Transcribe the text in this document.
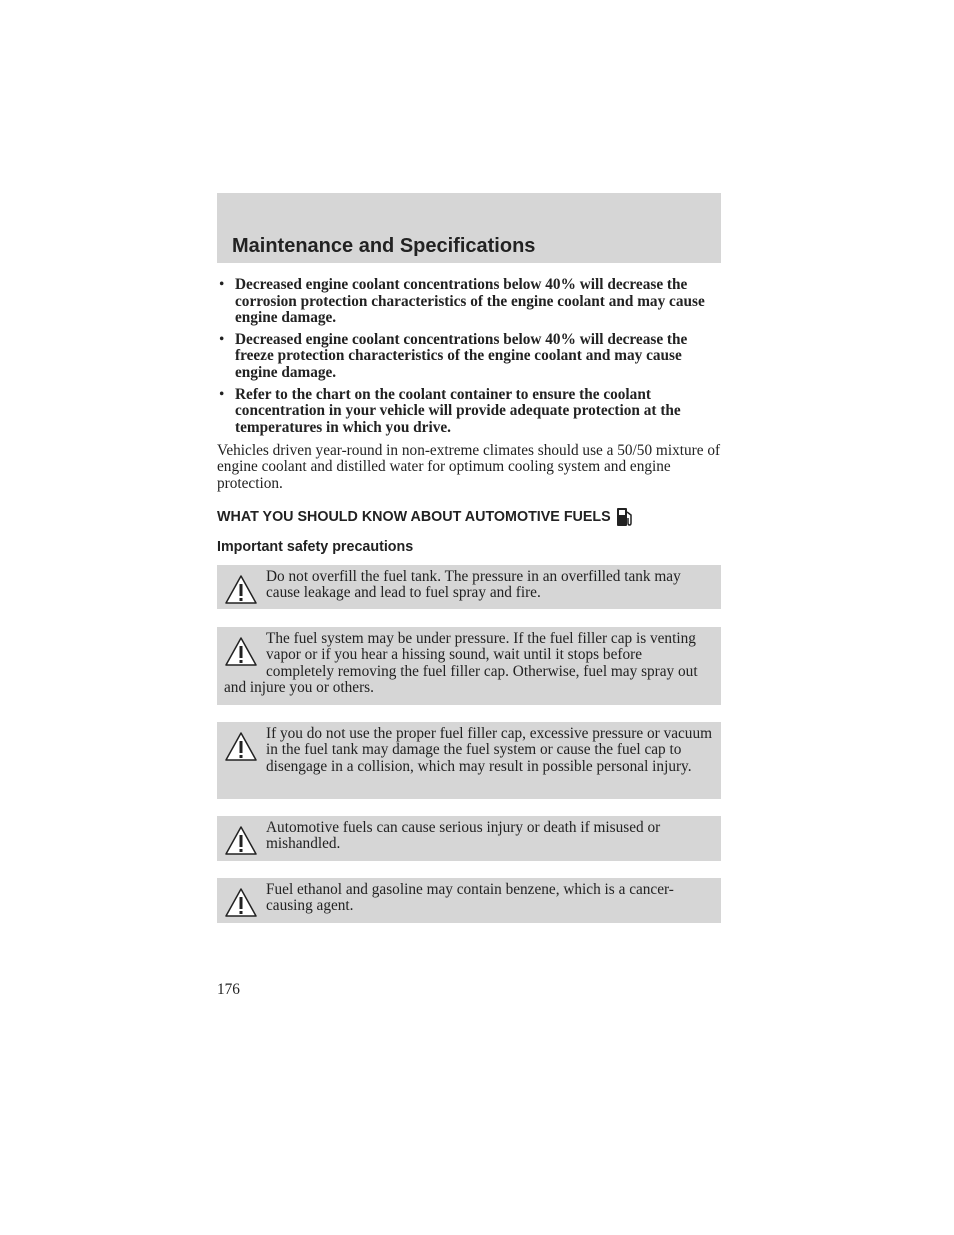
Maintenance and Specifications
• Decreased engine coolant concentrations below 40% will decrease the corrosion protection characteristics of the engine coolant and may cause engine damage.
• Decreased engine coolant concentrations below 40% will decrease the freeze protection characteristics of the engine coolant and may cause engine damage.
• Refer to the chart on the coolant container to ensure the coolant concentration in your vehicle will provide adequate protection at the temperatures in which you drive.

Vehicles driven year-round in non-extreme climates should use a 50/50 mixture of engine coolant and distilled water for optimum cooling system and engine protection.

WHAT YOU SHOULD KNOW ABOUT AUTOMOTIVE FUELS
Important safety precautions
Do not overfill the fuel tank. The pressure in an overfilled tank may cause leakage and lead to fuel spray and fire.
The fuel system may be under pressure. If the fuel filler cap is venting vapor or if you hear a hissing sound, wait until it stops before completely removing the fuel filler cap. Otherwise, fuel may spray out and injure you or others.
If you do not use the proper fuel filler cap, excessive pressure or vacuum in the fuel tank may damage the fuel system or cause the fuel cap to disengage in a collision, which may result in possible personal injury.
Automotive fuels can cause serious injury or death if misused or mishandled.
Fuel ethanol and gasoline may contain benzene, which is a cancer-causing agent.

176
